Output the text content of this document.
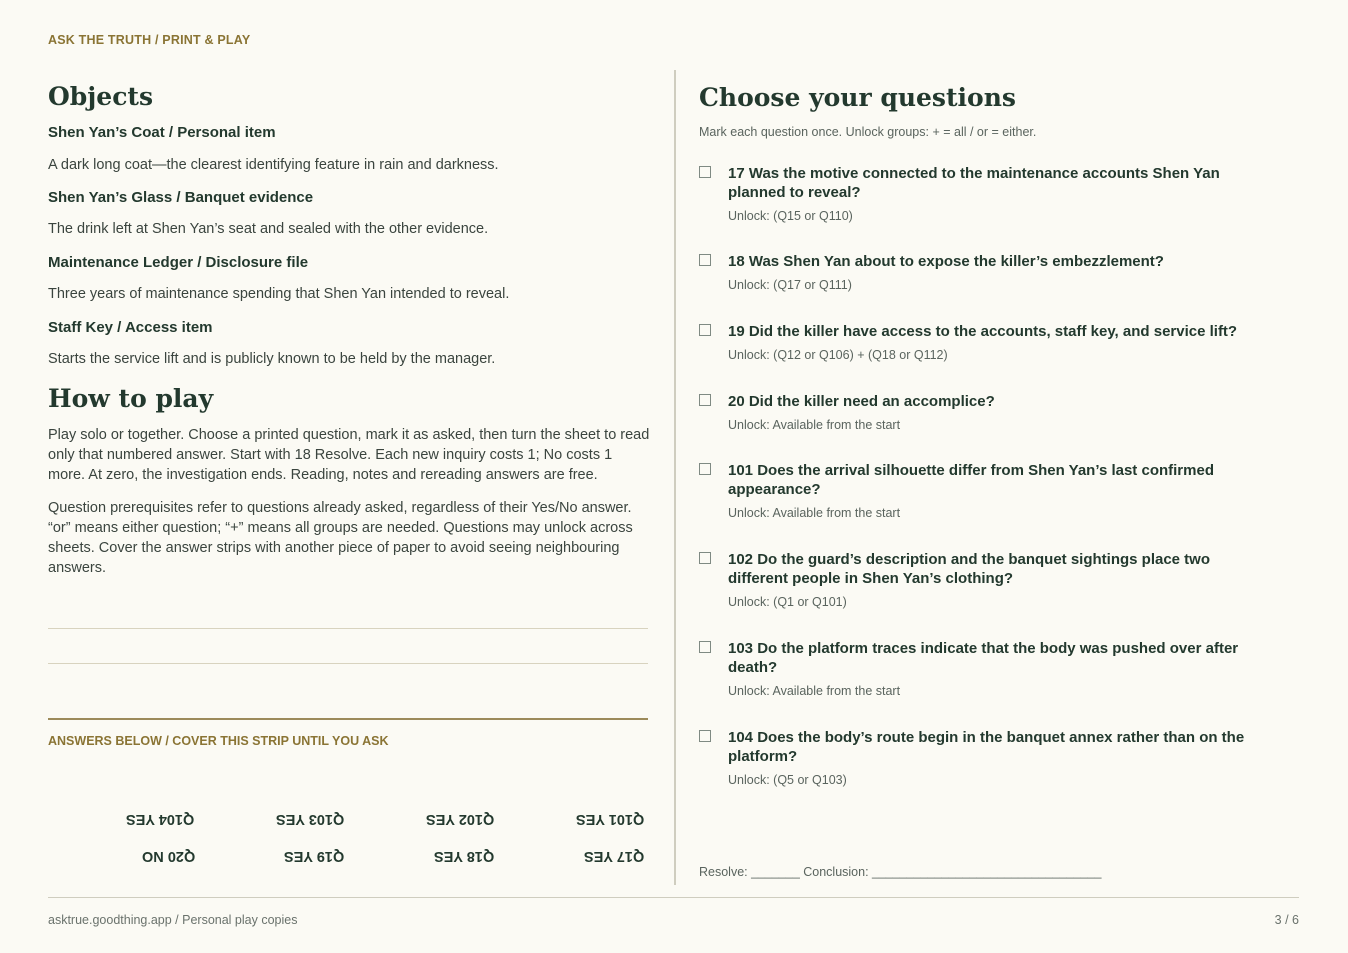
ASK THE TRUTH / PRINT & PLAY
Objects
Shen Yan’s Coat / Personal item
A dark long coat—the clearest identifying feature in rain and darkness.
Shen Yan’s Glass / Banquet evidence
The drink left at Shen Yan’s seat and sealed with the other evidence.
Maintenance Ledger / Disclosure file
Three years of maintenance spending that Shen Yan intended to reveal.
Staff Key / Access item
Starts the service lift and is publicly known to be held by the manager.
How to play
Play solo or together. Choose a printed question, mark it as asked, then turn the sheet to read only that numbered answer. Start with 18 Resolve. Each new inquiry costs 1; No costs 1 more. At zero, the investigation ends. Reading, notes and rereading answers are free.
Question prerequisites refer to questions already asked, regardless of their Yes/No answer. “or” means either question; “+” means all groups are needed. Questions may unlock across sheets. Cover the answer strips with another piece of paper to avoid seeing neighbouring answers.
ANSWERS BELOW / COVER THIS STRIP UNTIL YOU ASK
Q104 YES	Q103 YES	Q102 YES	Q101 YES
Q20 NO	Q19 YES	Q18 YES	Q17 YES
Choose your questions
Mark each question once. Unlock groups: + = all / or = either.
17 Was the motive connected to the maintenance accounts Shen Yan planned to reveal?
Unlock: (Q15 or Q110)
18 Was Shen Yan about to expose the killer’s embezzlement?
Unlock: (Q17 or Q111)
19 Did the killer have access to the accounts, staff key, and service lift?
Unlock: (Q12 or Q106) + (Q18 or Q112)
20 Did the killer need an accomplice?
Unlock: Available from the start
101 Does the arrival silhouette differ from Shen Yan’s last confirmed appearance?
Unlock: Available from the start
102 Do the guard’s description and the banquet sightings place two different people in Shen Yan’s clothing?
Unlock: (Q1 or Q101)
103 Do the platform traces indicate that the body was pushed over after death?
Unlock: Available from the start
104 Does the body’s route begin in the banquet annex rather than on the platform?
Unlock: (Q5 or Q103)
Resolve: _______ Conclusion: _________________________________
asktrue.goodthing.app / Personal play copies	3 / 6
